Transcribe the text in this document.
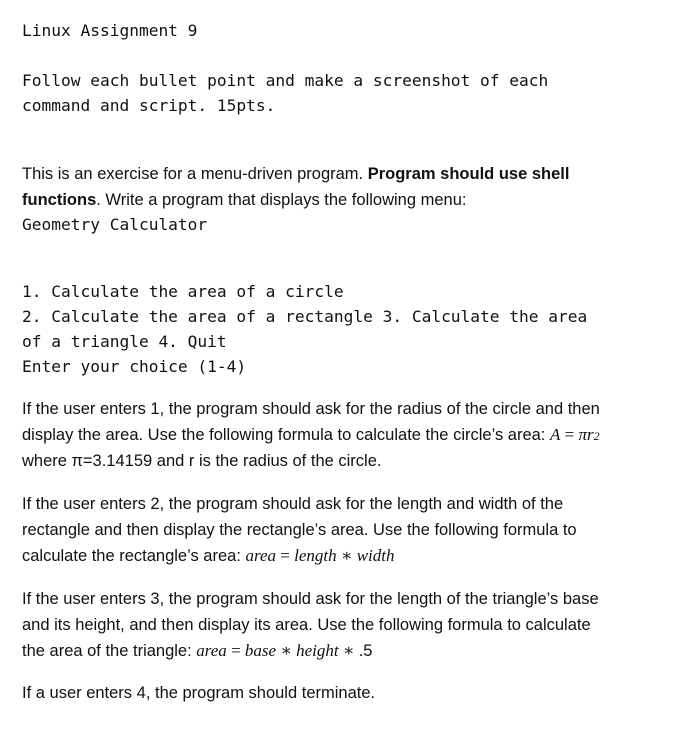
Linux Assignment 9

Follow each bullet point and make a screenshot of each

command and script. 15pts.

This is an exercise for a menu-driven program. Program should use shell functions. Write a program that displays the following menu:

Geometry Calculator

1. Calculate the area of a circle

2. Calculate the area of a rectangle 3. Calculate the area

of a triangle 4. Quit

Enter your choice (1-4)

If the user enters 1, the program should ask for the radius of the circle and then

display the area. Use the following formula to calculate the circle’s area: A = πr2

where π=3.14159 and r is the radius of the circle.

If the user enters 2, the program should ask for the length and width of the

rectangle and then display the rectangle’s area. Use the following formula to

calculate the rectangle’s area: area = length ∗ width

If the user enters 3, the program should ask for the length of the triangle’s base

and its height, and then display its area. Use the following formula to calculate

the area of the triangle: area = base ∗ height ∗ .5

If a user enters 4, the program should terminate.
